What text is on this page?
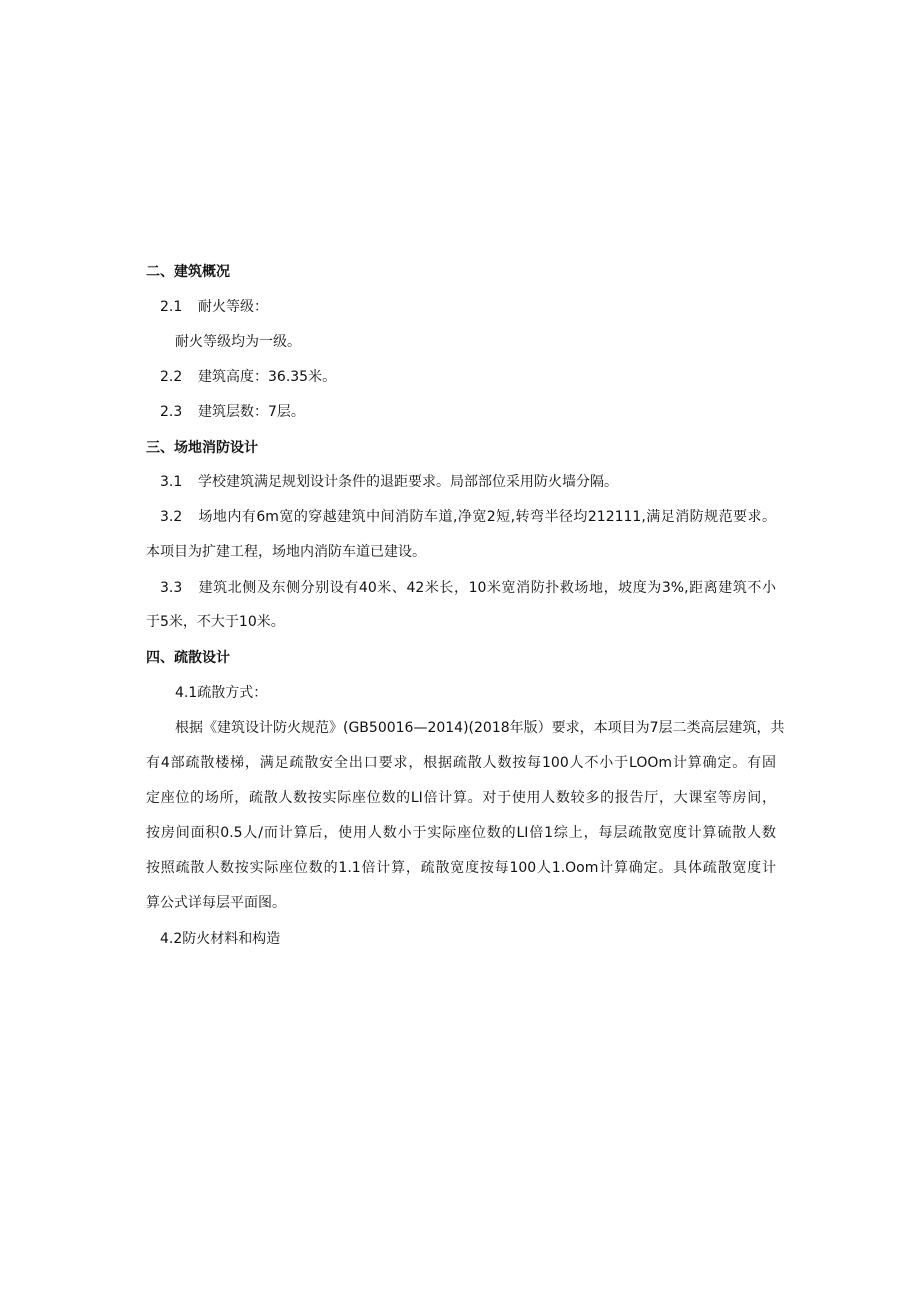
二、建筑概况
2.1 耐火等级：
耐火等级均为一级。
2.2 建筑高度：36.35米。
2.3 建筑层数：7层。
三、场地消防设计
3.1 学校建筑满足规划设计条件的退距要求。局部部位采用防火墙分隔。
3.2 场地内有6m宽的穿越建筑中间消防车道,净宽2短,转弯半径均212111,满足消防规范要求。
本项目为扩建工程，场地内消防车道已建设。
3.3 建筑北侧及东侧分别设有40米、42米长，10米宽消防扑救场地，坡度为3%,距离建筑不小
于5米，不大于10米。
四、疏散设计
4.1疏散方式：
根据《建筑设计防火规范》(GB50016—2014)(2018年版）要求，本项目为7层二类高层建筑，共
有4部疏散楼梯，满足疏散安全出口要求，根据疏散人数按每100人不小于LOOm计算确定。有固
定座位的场所，疏散人数按实际座位数的LI倍计算。对于使用人数较多的报告厅，大课室等房间，
按房间面积0.5人/而计算后，使用人数小于实际座位数的LI倍1综上，每层疏散宽度计算硫散人数
按照疏散人数按实际座位数的1.1倍计算，疏散宽度按每100人1.Oom计算确定。具体疏散宽度计
算公式详每层平面图。
4.2防火材料和构造
